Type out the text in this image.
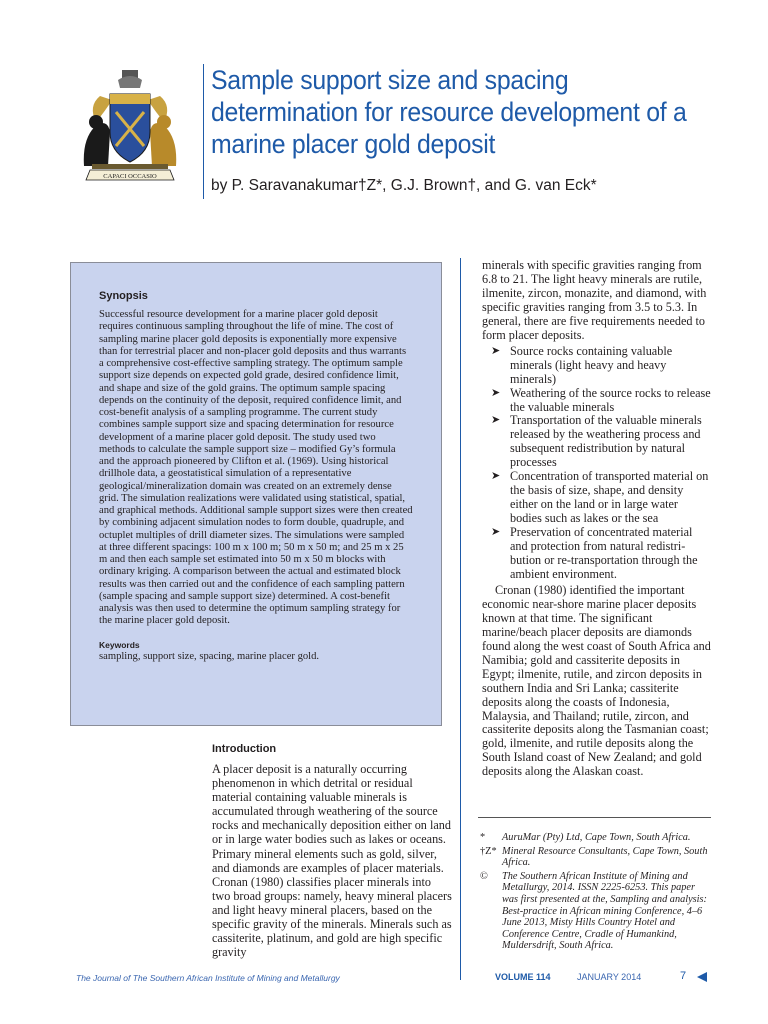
CAPACI OCCASIO
Sample support size and spacing determination for resource development of a marine placer gold deposit

by P. Saravanakumar†Z*, G.J. Brown†, and G. van Eck*

Synopsis

Successful resource development for a marine placer gold deposit requires continuous sampling throughout the life of mine. The cost of sampling marine placer gold deposits is exponentially more expensive than for terrestrial placer and non-placer gold deposits and thus warrants a comprehensive cost-effective sampling strategy. The optimum sample support size depends on expected gold grade, desired confidence limit, and shape and size of the gold grains. The optimum sample spacing depends on the continuity of the deposit, required confidence limit, and cost-benefit analysis of a sampling programme. The current study combines sample support size and spacing determination for resource development of a marine placer gold deposit. The study used two methods to calculate the sample support size – modified Gy’s formula and the approach pioneered by Clifton et al. (1969). Using historical drillhole data, a geostatistical simulation of a representative geological/mineralization domain was created on an extremely dense grid. The simulation realizations were validated using statistical, spatial, and graphical methods. Additional sample support sizes were then created by combining adjacent simulation nodes to form double, quadruple, and octuplet multiples of drill diameter sizes. The simulations were sampled at three different spacings: 100 m x 100 m; 50 m x 50 m; and 25 m x 25 m and then each sample set estimated into 50 m x 50 m blocks with ordinary kriging. A comparison between the actual and estimated block results was then carried out and the confidence of each sampling pattern (sample spacing and sample support size) determined. A cost-benefit analysis was then used to determine the optimum sampling strategy for the marine placer gold deposit.

Keywords

sampling, support size, spacing, marine placer gold.

Introduction

A placer deposit is a naturally occurring phenomenon in which detrital or residual material containing valuable minerals is accumulated through weathering of the source rocks and mechanically deposition either on land or in large water bodies such as lakes or oceans. Primary mineral elements such as gold, silver, and diamonds are examples of placer materials. Cronan (1980) classifies placer minerals into two broad groups: namely, heavy mineral placers and light heavy mineral placers, based on the specific gravity of the minerals. Minerals such as cassiterite, platinum, and gold are high specific gravity

minerals with specific gravities ranging from 6.8 to 21. The light heavy minerals are rutile, ilmenite, zircon, monazite, and diamond, with specific gravities ranging from 3.5 to 5.3. In general, there are five requirements needed to form placer deposits.

➤ Source rocks containing valuable minerals (light heavy and heavy minerals)
➤ Weathering of the source rocks to release the valuable minerals
➤ Transportation of the valuable minerals released by the weathering process and subsequent redistribution by natural processes
➤ Concentration of transported material on the basis of size, shape, and density either on the land or in large water bodies such as lakes or the sea
➤ Preservation of concentrated material and protection from natural redistribution or re-transportation through the ambient environment.

Cronan (1980) identified the important economic near-shore marine placer deposits known at that time. The significant marine/beach placer deposits are diamonds found along the west coast of South Africa and Namibia; gold and cassiterite deposits in Egypt; ilmenite, rutile, and zircon deposits in southern India and Sri Lanka; cassiterite deposits along the coasts of Indonesia, Malaysia, and Thailand; rutile, zircon, and cassiterite deposits along the Tasmanian coast; gold, ilmenite, and rutile deposits along the South Island coast of New Zealand; and gold deposits along the Alaskan coast.

* AuruMar (Pty) Ltd, Cape Town, South Africa.
†Z* Mineral Resource Consultants, Cape Town, South Africa.
© The Southern African Institute of Mining and Metallurgy, 2014. ISSN 2225-6253. This paper was first presented at the, Sampling and analysis: Best-practice in African mining Conference, 4–6 June 2013, Misty Hills Country Hotel and Conference Centre, Cradle of Humankind, Muldersdrift, South Africa.
The Journal of The Southern African Institute of Mining and Metallurgy	VOLUME 114	JANUARY 2014	7
